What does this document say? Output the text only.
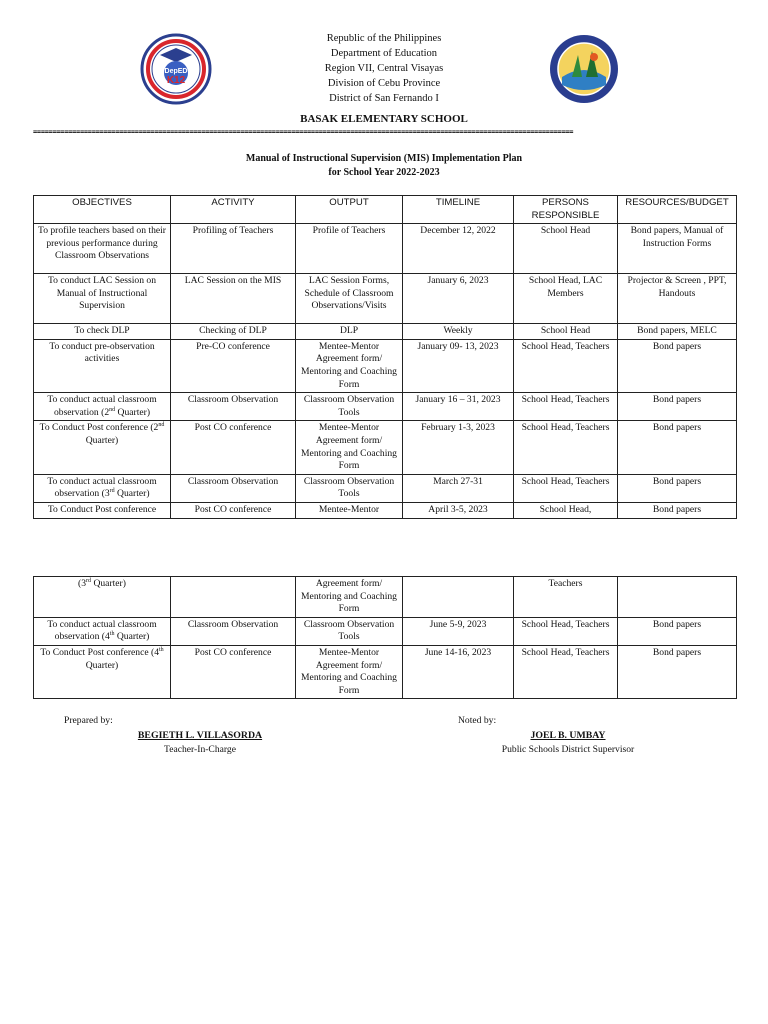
DepED
K12
Republic of the Philippines
Department of Education
Region VII, Central Visayas
Division of Cebu Province
District of San Fernando I
BASAK ELEMENTARY SCHOOL
==========================================================================================================================================
Manual of Instructional Supervision (MIS) Implementation Plan
for School Year 2022-2023
OBJECTIVES	ACTIVITY	OUTPUT	TIMELINE	PERSONS RESPONSIBLE	RESOURCES/BUDGET
To profile teachers based on their previous performance during Classroom Observations	Profiling of Teachers	Profile of Teachers	December 12, 2022	School Head	Bond papers, Manual of Instruction Forms
To conduct LAC Session on Manual of Instructional Supervision	LAC Session on the MIS	LAC Session Forms, Schedule of Classroom Observations/Visits	January 6, 2023	School Head, LAC Members	Projector & Screen , PPT, Handouts
To check DLP	Checking of DLP	DLP	Weekly	School Head	Bond papers, MELC
To conduct pre-observation activities	Pre-CO conference	Mentee-Mentor Agreement form/ Mentoring and Coaching Form	January 09- 13, 2023	School Head, Teachers	Bond papers
To conduct actual classroom observation (2nd Quarter)	Classroom Observation	Classroom Observation Tools	January 16 – 31, 2023	School Head, Teachers	Bond papers
To Conduct Post conference (2nd Quarter)	Post CO conference	Mentee-Mentor Agreement form/ Mentoring and Coaching Form	February 1-3, 2023	School Head, Teachers	Bond papers
To conduct actual classroom observation (3rd Quarter)	Classroom Observation	Classroom Observation Tools	March 27-31	School Head, Teachers	Bond papers
To Conduct Post conference	Post CO conference	Mentee-Mentor	April 3-5, 2023	School Head,	Bond papers
(3rd Quarter)		Agreement form/ Mentoring and Coaching Form		Teachers	
To conduct actual classroom observation (4th Quarter)	Classroom Observation	Classroom Observation Tools	June 5-9, 2023	School Head, Teachers	Bond papers
To Conduct Post conference (4th Quarter)	Post CO conference	Mentee-Mentor Agreement form/ Mentoring and Coaching Form	June 14-16, 2023	School Head, Teachers	Bond papers
Prepared by:
BEGIETH L. VILLASORDA
Teacher-In-Charge
Noted by:
JOEL B. UMBAY
Public Schools District Supervisor
